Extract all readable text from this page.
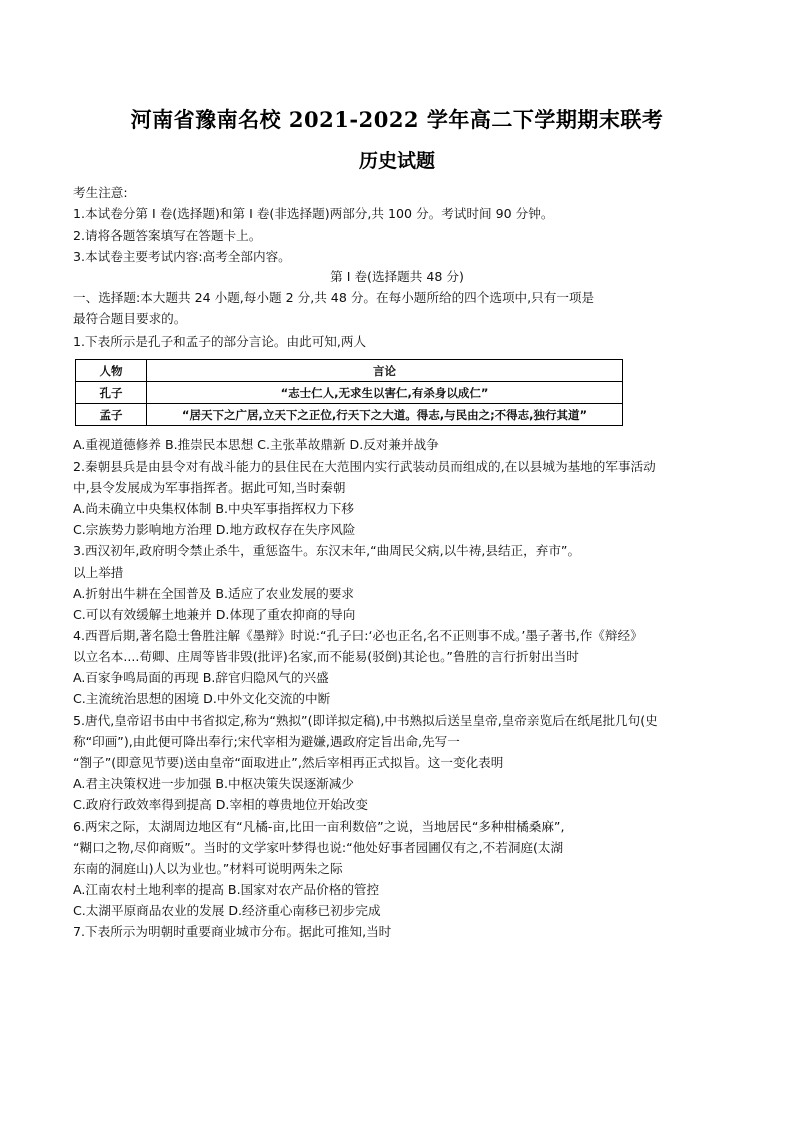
河南省豫南名校 2021-2022 学年高二下学期期末联考
历史试题
考生注意:
1.本试卷分第 I 卷(选择题)和第 I 卷(非选择题)两部分,共 100 分。考试时间 90 分钟。
2.请将各题答案填写在答题卡上。
3.本试卷主要考试内容:高考全部内容。
第 I 卷(选择题共 48 分)
一、选择题:本大题共 24 小题,每小题 2 分,共 48 分。在每小题所给的四个选项中,只有一项是
最符合题目要求的。
1.下表所示是孔子和孟子的部分言论。由此可知,两人
人物	言论
孔子	“志士仁人,无求生以害仁,有杀身以成仁”
孟子	“居天下之广居,立天下之正位,行天下之大道。得志,与民由之;不得志,独行其道”
A.重视道德修养 B.推崇民本思想 C.主张革故鼎新 D.反对兼并战争
2.秦朝县兵是由县令对有战斗能力的县住民在大范围内实行武装动员而组成的,在以县城为基地的军事活动
中,县令发展成为军事指挥者。据此可知,当时秦朝
A.尚未确立中央集权体制 B.中央军事指挥权力下移
C.宗族势力影响地方治理 D.地方政权存在失序风险
3.西汉初年,政府明令禁止杀牛，重惩盗牛。东汉末年,“曲周民父病,以牛祷,县结正，弃市”。
以上举措
A.折射出牛耕在全国普及 B.适应了农业发展的要求
C.可以有效缓解土地兼并 D.体现了重农抑商的导向
4.西晋后期,著名隐士鲁胜注解《墨辩》时说:“孔子曰:‘必也正名,名不正则事不成。’墨子著书,作《辩经》
以立名本....荀卿、庄周等皆非毁(批评)名家,而不能易(驳倒)其论也。”鲁胜的言行折射出当时
A.百家争鸣局面的再现 B.辞官归隐风气的兴盛
C.主流统治思想的困境 D.中外文化交流的中断
5.唐代,皇帝诏书由中书省拟定,称为“熟拟”(即详拟定稿),中书熟拟后送呈皇帝,皇帝亲览后在纸尾批几句(史
称“印画”),由此便可降出奉行;宋代宰相为避嫌,遇政府定旨出命,先写一
“劄子”(即意见节要)送由皇帝“面取进止”,然后宰相再正式拟旨。这一变化表明
A.君主决策权进一步加强 B.中枢决策失误逐渐减少
C.政府行政效率得到提高 D.宰相的尊贵地位开始改变
6.两宋之际，太湖周边地区有“凡橘-亩,比田一亩利数倍”之说，当地居民“多种柑橘桑麻”,
“糊口之物,尽仰商贩”。当时的文学家叶梦得也说:“他处好事者园圃仅有之,不若洞庭(太湖
东南的洞庭山)人以为业也。”材料可说明两朱之际
A.江南农村土地利率的提高 B.国家对农产品价格的管控
C.太湖平原商品农业的发展 D.经济重心南移已初步完成
7.下表所示为明朝时重要商业城市分布。据此可推知,当时
